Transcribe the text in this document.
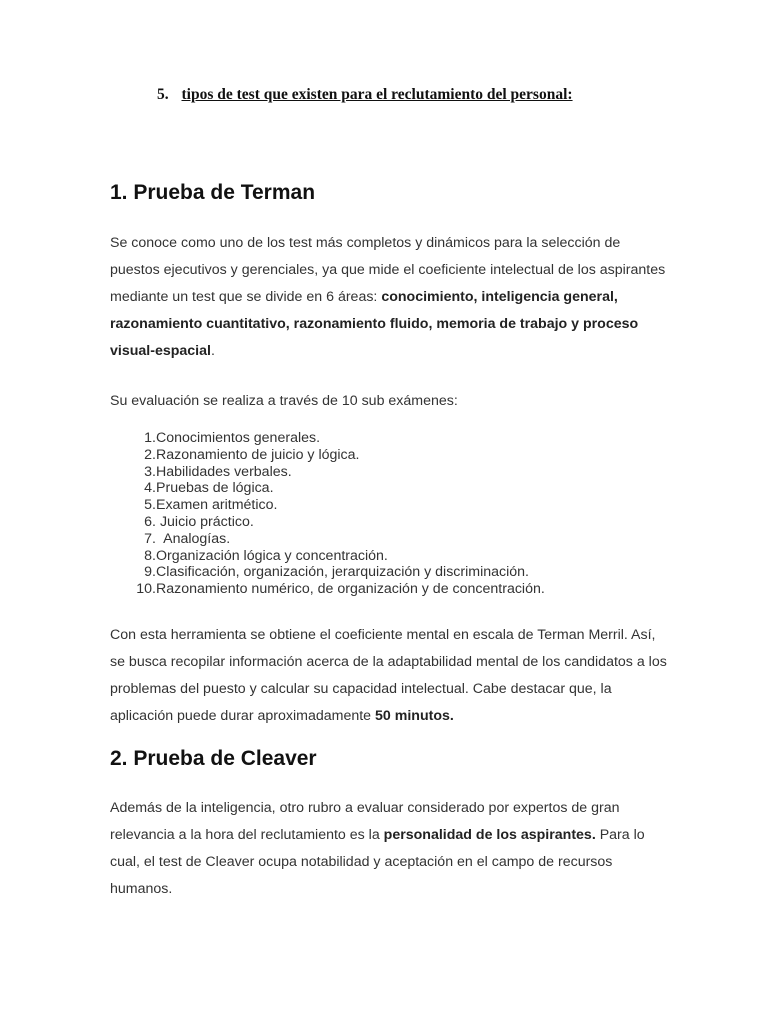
5. tipos de test que existen para el reclutamiento del personal:
1. Prueba de Terman

Se conoce como uno de los test más completos y dinámicos para la selección de puestos ejecutivos y gerenciales, ya que mide el coeficiente intelectual de los aspirantes mediante un test que se divide en 6 áreas: conocimiento, inteligencia general, razonamiento cuantitativo, razonamiento fluido, memoria de trabajo y proceso visual-espacial.

Su evaluación se realiza a través de 10 sub exámenes:

1. Conocimientos generales.
2. Razonamiento de juicio y lógica.
3. Habilidades verbales.
4. Pruebas de lógica.
5. Examen aritmético.
6. Juicio práctico.
7. Analogías.
8. Organización lógica y concentración.
9. Clasificación, organización, jerarquización y discriminación.
10. Razonamiento numérico, de organización y de concentración.

Con esta herramienta se obtiene el coeficiente mental en escala de Terman Merril. Así, se busca recopilar información acerca de la adaptabilidad mental de los candidatos a los problemas del puesto y calcular su capacidad intelectual. Cabe destacar que, la aplicación puede durar aproximadamente 50 minutos.

2. Prueba de Cleaver

Además de la inteligencia, otro rubro a evaluar considerado por expertos de gran relevancia a la hora del reclutamiento es la personalidad de los aspirantes. Para lo cual, el test de Cleaver ocupa notabilidad y aceptación en el campo de recursos humanos.
